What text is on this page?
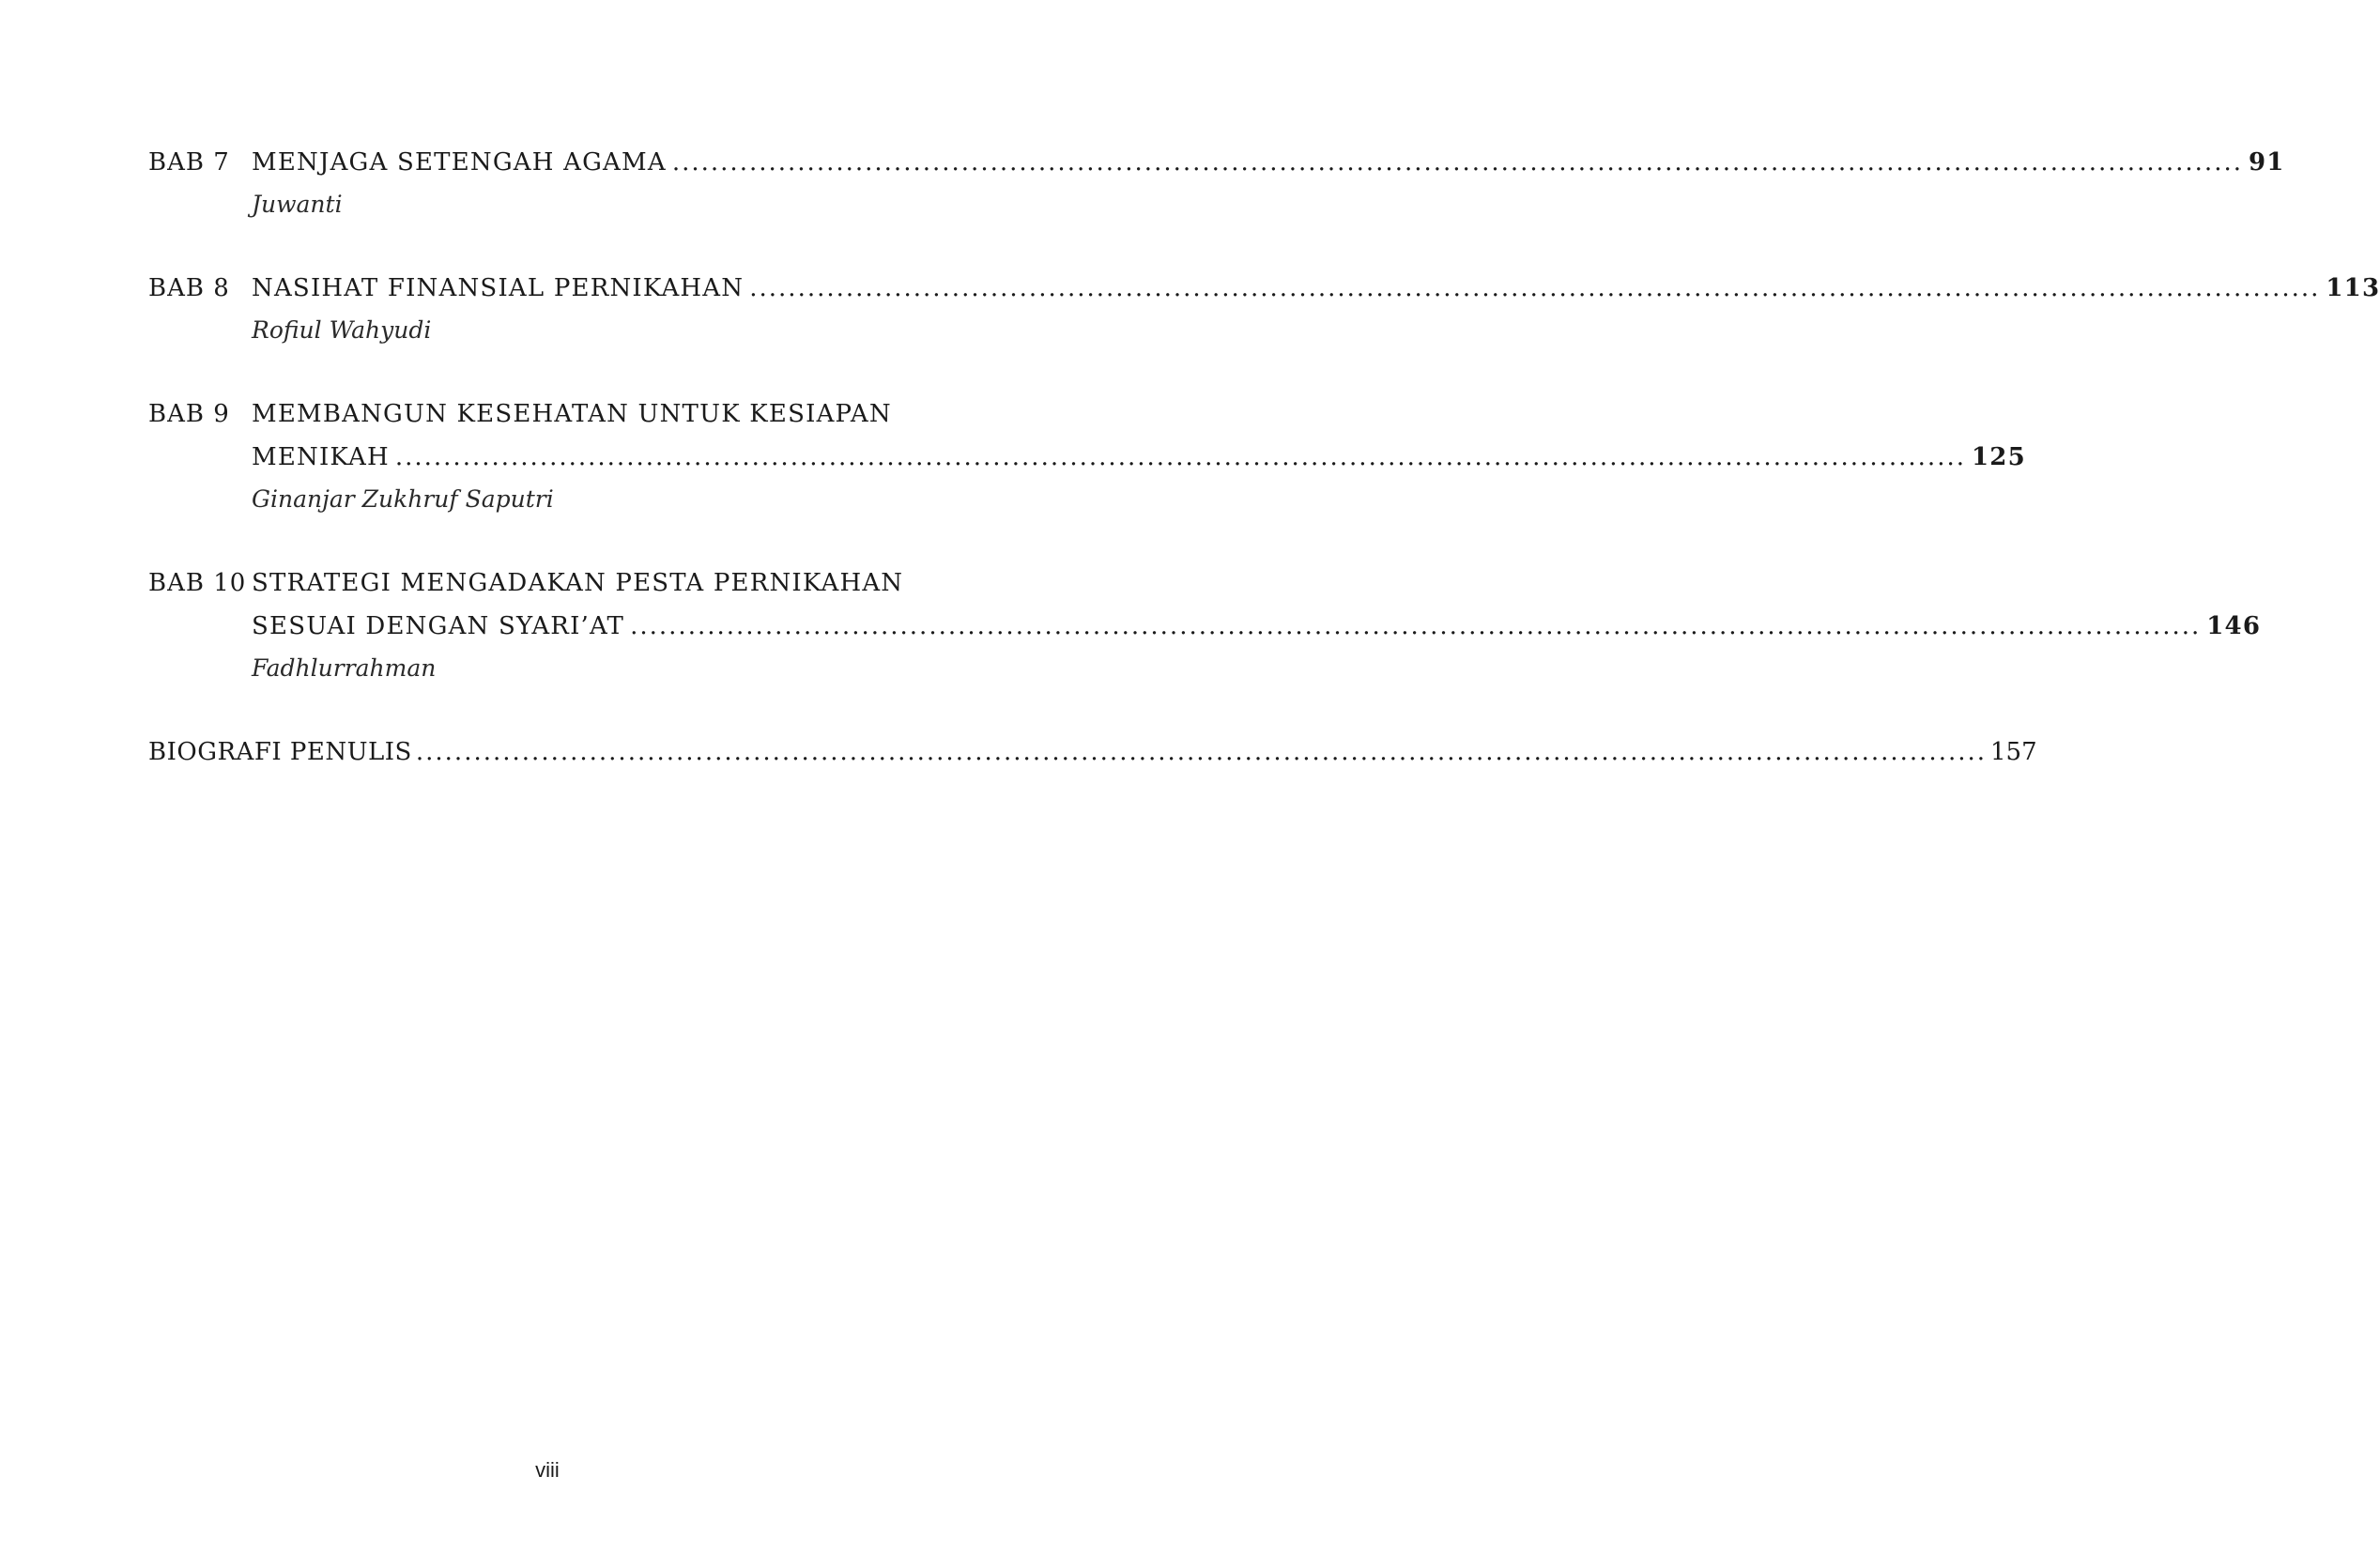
BAB 7 MENJAGA SETENGAH AGAMA .....	91
Juwanti
BAB 8 NASIHAT FINANSIAL PERNIKAHAN .....	113
Rofiul Wahyudi
BAB 9 MEMBANGUN KESEHATAN UNTUK KESIAPAN
MENIKAH .....	125
Ginanjar Zukhruf Saputri
BAB 10 STRATEGI MENGADAKAN PESTA PERNIKAHAN
SESUAI DENGAN SYARI’AT .....	146
Fadhlurrahman
BIOGRAFI PENULIS .....	157
viii
